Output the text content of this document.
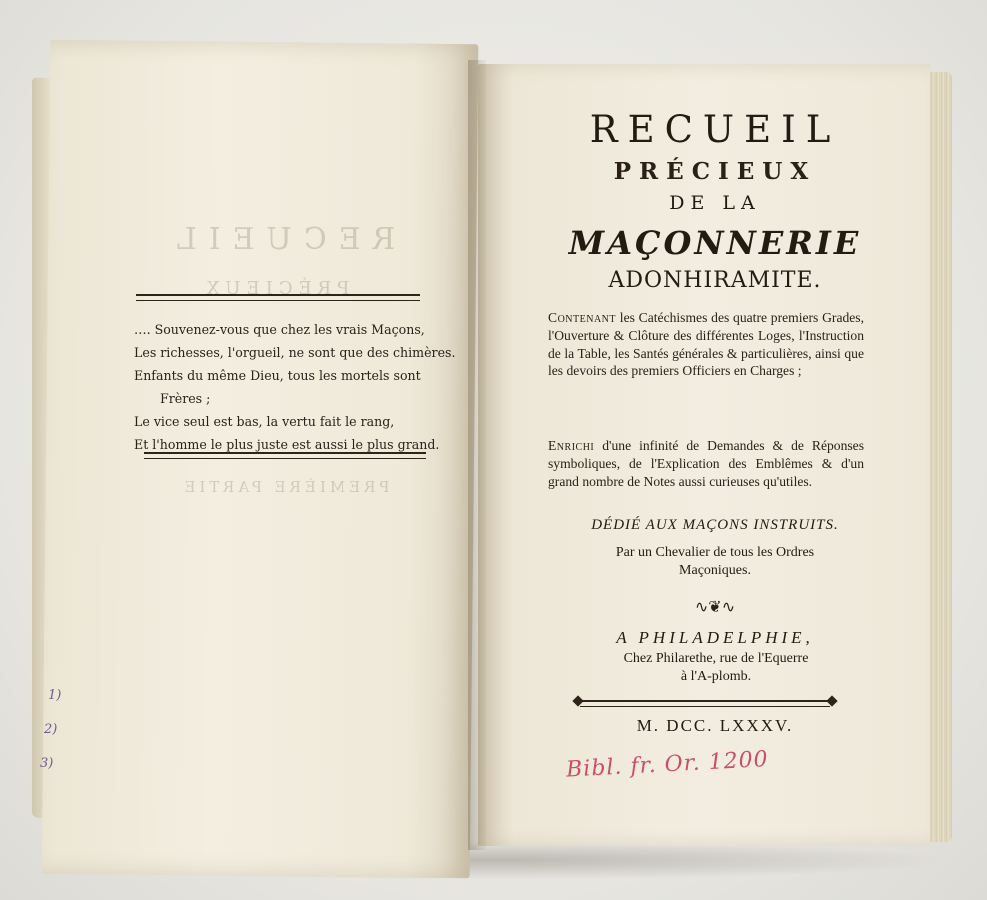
RECUEIL
PRÉCIEUX
PREMIÈRE PARTIE
…. Souvenez-vous que chez les vrais Maçons,
Les richesses, l'orgueil, ne sont que des chimères.
Enfants du même Dieu, tous les mortels sont
Frères ;
Le vice seul est bas, la vertu fait le rang,
Et l'homme le plus juste est aussi le plus grand.
1)
2)
3)
RECUEIL
PRÉCIEUX
DE LA
MAÇONNERIE
ADONHIRAMITE.
Contenant les Catéchismes des quatre premiers Grades, l'Ouverture & Clôture des différentes Loges, l'Instruction de la Table, les Santés générales & particulières, ainsi que les devoirs des premiers Officiers en Charges ;
Enrichi d'une infinité de Demandes & de Réponses symboliques, de l'Explication des Emblêmes & d'un grand nombre de Notes aussi curieuses qu'utiles.
DÉDIÉ AUX MAÇONS INSTRUITS.
Par un Chevalier de tous les Ordres
Maçoniques.
∿❦∿
A PHILADELPHIE,
Chez Philarethe, rue de l'Equerre
à l'A-plomb.
M. DCC. LXXXV.
Bibl. fr. Or. 1200
